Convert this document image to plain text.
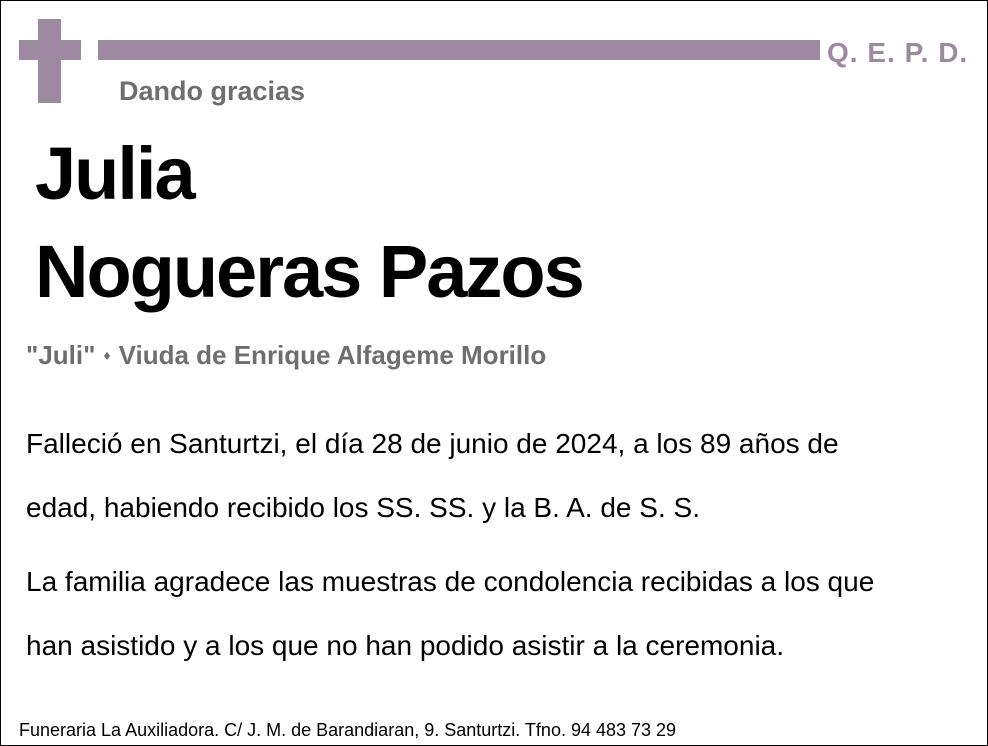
Q. E. P. D.
Dando gracias
Julia
Nogueras Pazos
"Juli" ♦ Viuda de Enrique Alfageme Morillo
Falleció en Santurtzi, el día 28 de junio de 2024, a los 89 años de
edad, habiendo recibido los SS. SS. y la B. A. de S. S.
La familia agradece las muestras de condolencia recibidas a los que
han asistido y a los que no han podido asistir a la ceremonia.
Funeraria La Auxiliadora. C/ J. M. de Barandiaran, 9. Santurtzi. Tfno. 94 483 73 29
